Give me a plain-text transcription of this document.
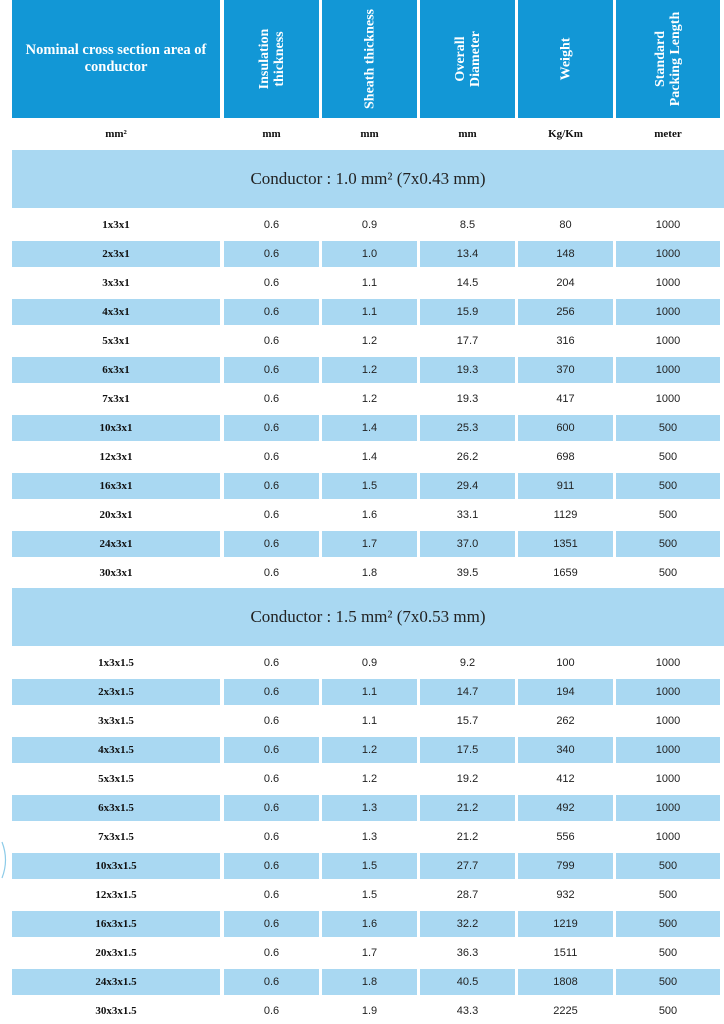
Nominal cross section area of conductor	Insulation thickness	Sheath thickness	Overall Diameter	Weight	Standard Packing Length
mm²	mm	mm	mm	Kg/Km	meter
Conductor : 1.0 mm² (7x0.43 mm)
1x3x1	0.6	0.9	8.5	80	1000
2x3x1	0.6	1.0	13.4	148	1000
3x3x1	0.6	1.1	14.5	204	1000
4x3x1	0.6	1.1	15.9	256	1000
5x3x1	0.6	1.2	17.7	316	1000
6x3x1	0.6	1.2	19.3	370	1000
7x3x1	0.6	1.2	19.3	417	1000
10x3x1	0.6	1.4	25.3	600	500
12x3x1	0.6	1.4	26.2	698	500
16x3x1	0.6	1.5	29.4	911	500
20x3x1	0.6	1.6	33.1	1129	500
24x3x1	0.6	1.7	37.0	1351	500
30x3x1	0.6	1.8	39.5	1659	500
Conductor : 1.5 mm² (7x0.53 mm)
1x3x1.5	0.6	0.9	9.2	100	1000
2x3x1.5	0.6	1.1	14.7	194	1000
3x3x1.5	0.6	1.1	15.7	262	1000
4x3x1.5	0.6	1.2	17.5	340	1000
5x3x1.5	0.6	1.2	19.2	412	1000
6x3x1.5	0.6	1.3	21.2	492	1000
7x3x1.5	0.6	1.3	21.2	556	1000
10x3x1.5	0.6	1.5	27.7	799	500
12x3x1.5	0.6	1.5	28.7	932	500
16x3x1.5	0.6	1.6	32.2	1219	500
20x3x1.5	0.6	1.7	36.3	1511	500
24x3x1.5	0.6	1.8	40.5	1808	500
30x3x1.5	0.6	1.9	43.3	2225	500
